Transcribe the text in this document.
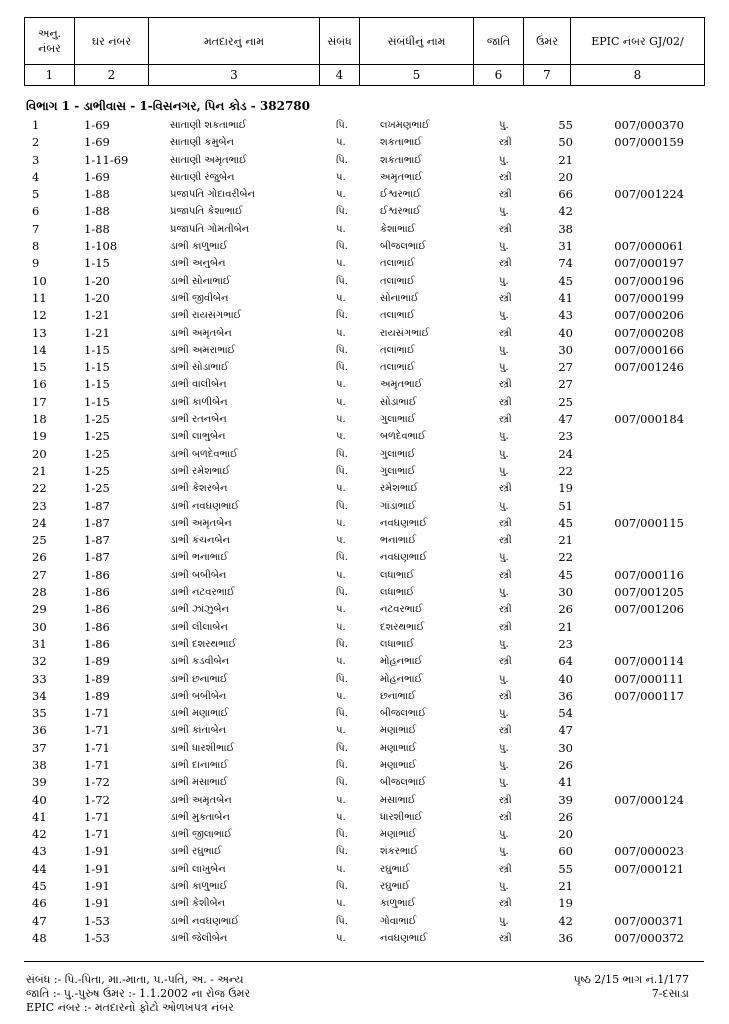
અનુ. નંબર	ઘર નંબર	મતદારનું નામ	સંબંધ	સંબંધીનું નામ	જાતિ	ઉંમર	EPIC નંબર GJ/02/
1	2	3	4	5	6	7	8
વિભાગ 1 - ડાભીવાસ - 1-વિસનગર, પિન કોડ - 382780
1	1-69	સાતાણી શકતાભાઈ	પિ.	લખમણભાઈ	પુ.	55	007/000370
2	1-69	સાતાણી કમુબેન	પ.	શકતાભાઈ	સ્ત્રી	50	007/000159
3	1-11-69	સાતાણી અમૃતભાઈ	પિ.	શકતાભાઈ	પુ.	21
4	1-69	સાતાણી રંજુબેન	પ.	અમૃતભાઈ	સ્ત્રી	20
5	1-88	પ્રજાપતિ ગોદાવરીબેન	પ.	ઈશ્વરભાઈ	સ્ત્રી	66	007/001224
6	1-88	પ્રજાપતિ કેશાભાઈ	પિ.	ઈશ્વરભાઈ	પુ.	42
7	1-88	પ્રજાપતિ ગોમતીબેન	પ.	કેશાભાઈ	સ્ત્રી	38
8	1-108	ડાભી કાળુભાઈ	પિ.	બીજલભાઈ	પુ.	31	007/000061
9	1-15	ડાભી અનુબેન	પ.	તલાભાઈ	સ્ત્રી	74	007/000197
10	1-20	ડાભી સોનાભાઈ	પિ.	તલાભાઈ	પુ.	45	007/000196
11	1-20	ડાભી જીવીબેન	પ.	સોનાભાઈ	સ્ત્રી	41	007/000199
12	1-21	ડાભી રાયસંગભાઈ	પિ.	તલાભાઈ	પુ.	43	007/000206
13	1-21	ડાભી અમૃતબેન	પ.	રાયસંગભાઈ	સ્ત્રી	40	007/000208
14	1-15	ડાભી અમરાભાઈ	પિ.	તલાભાઈ	પુ.	30	007/000166
15	1-15	ડાભી સોડાભાઈ	પિ.	તલાભાઈ	પુ.	27	007/001246
16	1-15	ડાભી વાલીબેન	પ.	અમૃતભાઈ	સ્ત્રી	27
17	1-15	ડાભી કાળીબેન	પ.	સોડાભાઈ	સ્ત્રી	25
18	1-25	ડાભી રતનબેન	પ.	ગુલાભાઈ	સ્ત્રી	47	007/000184
19	1-25	ડાભી લાભુબેન	પ.	બળદેવભાઈ	પુ.	23
20	1-25	ડાભી બળદેવભાઈ	પિ.	ગુલાભાઈ	પુ.	24
21	1-25	ડાભી રમેશભાઈ	પિ.	ગુલાભાઈ	પુ.	22
22	1-25	ડાભી કેશરબેન	પ.	રમેશભાઈ	સ્ત્રી	19
23	1-87	ડાભી નવઘણભાઈ	પિ.	ગાંડાભાઈ	પુ.	51
24	1-87	ડાભી અમૃતબેન	પ.	નવઘણભાઈ	સ્ત્રી	45	007/000115
25	1-87	ડાભી કંચનબેન	પ.	ભનાભાઈ	સ્ત્રી	21
26	1-87	ડાભી ભનાભાઈ	પિ.	નવઘણભાઈ	પુ.	22
27	1-86	ડાભી બબીબેન	પ.	લધાભાઈ	સ્ત્રી	45	007/000116
28	1-86	ડાભી નટવરભાઈ	પિ.	લધાભાઈ	પુ.	30	007/001205
29	1-86	ડાભી ઝાંઝુબેન	પ.	નટવરભાઈ	સ્ત્રી	26	007/001206
30	1-86	ડાભી લીલાબેન	પ.	દશરથભાઈ	સ્ત્રી	21
31	1-86	ડાભી દશરથભાઈ	પિ.	લધાભાઈ	પુ.	23
32	1-89	ડાભી કડવીબેન	પ.	મોહનભાઈ	સ્ત્રી	64	007/000114
33	1-89	ડાભી છનાભાઈ	પિ.	મોહનભાઈ	પુ.	40	007/000111
34	1-89	ડાભી બબીબેન	પ.	છનાભાઈ	સ્ત્રી	36	007/000117
35	1-71	ડાભી મણાભાઈ	પિ.	બીજલભાઈ	પુ.	54
36	1-71	ડાભી કાંતાબેન	પ.	મણાભાઈ	સ્ત્રી	47
37	1-71	ડાભી ધારશીભાઈ	પિ.	મણાભાઈ	પુ.	30
38	1-71	ડાભી દાનાભાઈ	પિ.	મણાભાઈ	પુ.	26
39	1-72	ડાભી મસાભાઈ	પિ.	બીજલભાઈ	પુ.	41
40	1-72	ડાભી અમૃતબેન	પ.	મસાભાઈ	સ્ત્રી	39	007/000124
41	1-71	ડાભી મુક્તાબેન	પ.	ધારશીભાઈ	સ્ત્રી	26
42	1-71	ડાભી જીલાભાઈ	પિ.	મણાભાઈ	પુ.	20
43	1-91	ડાભી રઘુભાઈ	પિ.	શંકરભાઈ	પુ.	60	007/000023
44	1-91	ડાભી લાખુબેન	પ.	રઘુભાઈ	સ્ત્રી	55	007/000121
45	1-91	ડાભી કાળુભાઈ	પિ.	રઘુભાઈ	પુ.	21
46	1-91	ડાભી કેશીબેન	પ.	કાળુભાઈ	સ્ત્રી	19
47	1-53	ડાભી નવઘણભાઈ	પિ.	ગોવાભાઈ	પુ.	42	007/000371
48	1-53	ડાભી જેલીબેન	પ.	નવઘણભાઈ	સ્ત્રી	36	007/000372
સંબંધ :- પિ.-પિતા, મા.-માતા, પ.-પતિ, અ. - અન્ય
જાતિ :- પુ.-પુરુષ ઉંમર :- 1.1.2002 ના રોજ ઉંમર
EPIC નંબર :- મતદારનો ફોટો ઓળખપત્ર નંબર
પૃષ્ઠ 2/15 ભાગ નં.1/177
7-દસાડા
